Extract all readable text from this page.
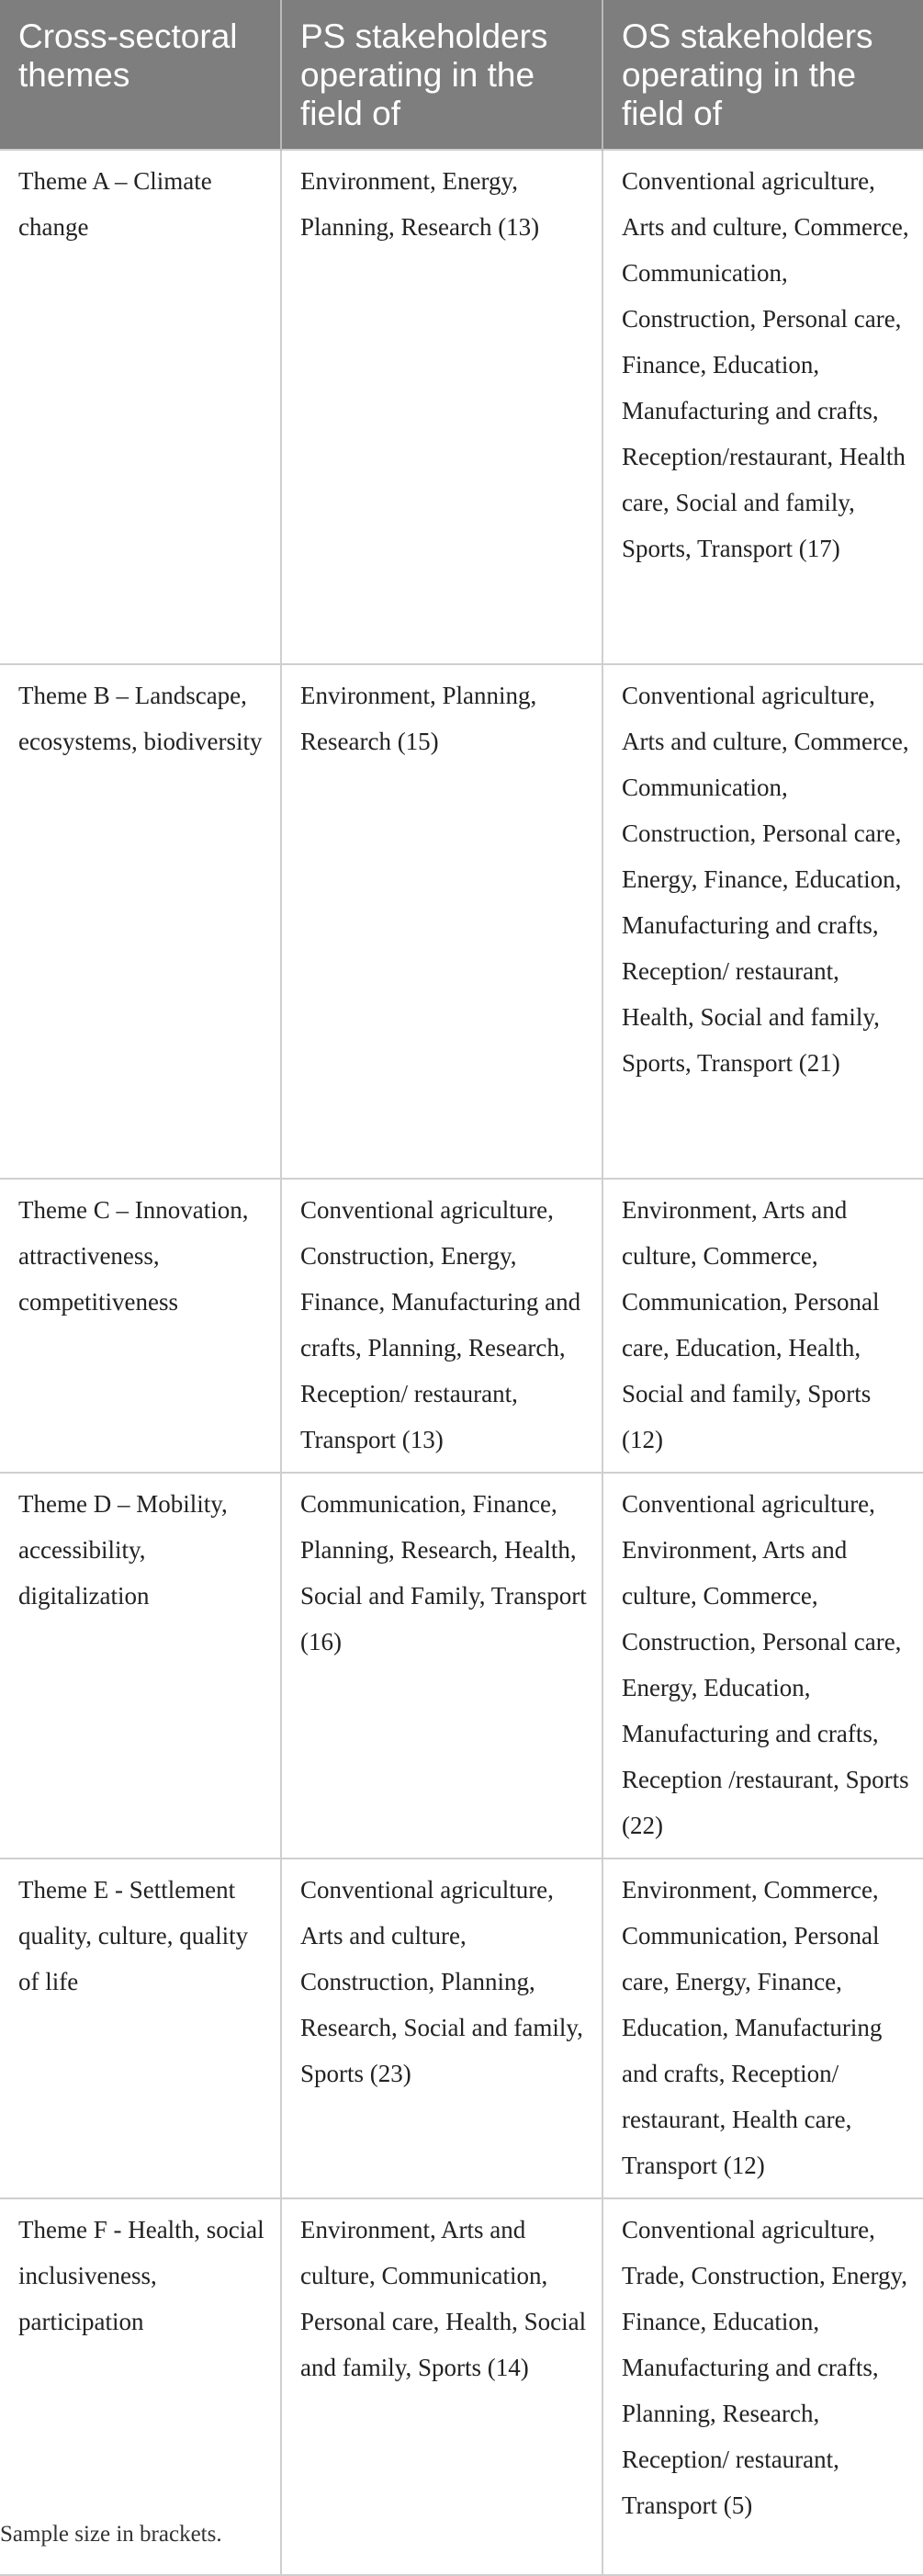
Cross-sectoral themes	PS stakeholders operating in the field of	OS stakeholders operating in the field of
Theme A – Climate change	Environment, Energy, Planning, Research (13)	Conventional agriculture, Arts and culture, Commerce, Communication, Construction, Personal care, Finance, Education, Manufacturing and crafts, Reception/restaurant, Health care, Social and family, Sports, Transport (17)
Theme B – Landscape, ecosystems, biodiversity	Environment, Planning, Research (15)	Conventional agriculture, Arts and culture, Commerce, Communication, Construction, Personal care, Energy, Finance, Education, Manufacturing and crafts, Reception/ restaurant, Health, Social and family, Sports, Transport (21)
Theme C – Innovation, attractiveness, competitiveness	Conventional agriculture, Construction, Energy, Finance, Manufacturing and crafts, Planning, Research, Reception/ restaurant, Transport (13)	Environment, Arts and culture, Commerce, Communication, Personal care, Education, Health, Social and family, Sports (12)
Theme D – Mobility, accessibility, digitalization	Communication, Finance, Planning, Research, Health, Social and Family, Transport (16)	Conventional agriculture, Environment, Arts and culture, Commerce, Construction, Personal care, Energy, Education, Manufacturing and crafts, Reception /restaurant, Sports (22)
Theme E - Settlement quality, culture, quality of life	Conventional agriculture, Arts and culture, Construction, Planning, Research, Social and family, Sports (23)	Environment, Commerce, Communication, Personal care, Energy, Finance, Education, Manufacturing and crafts, Reception/ restaurant, Health care, Transport (12)
Theme F - Health, social inclusiveness, participation	Environment, Arts and culture, Communication, Personal care, Health, Social and family, Sports (14)	Conventional agriculture, Trade, Construction, Energy, Finance, Education, Manufacturing and crafts, Planning, Research, Reception/ restaurant, Transport (5)
Sample size in brackets.
